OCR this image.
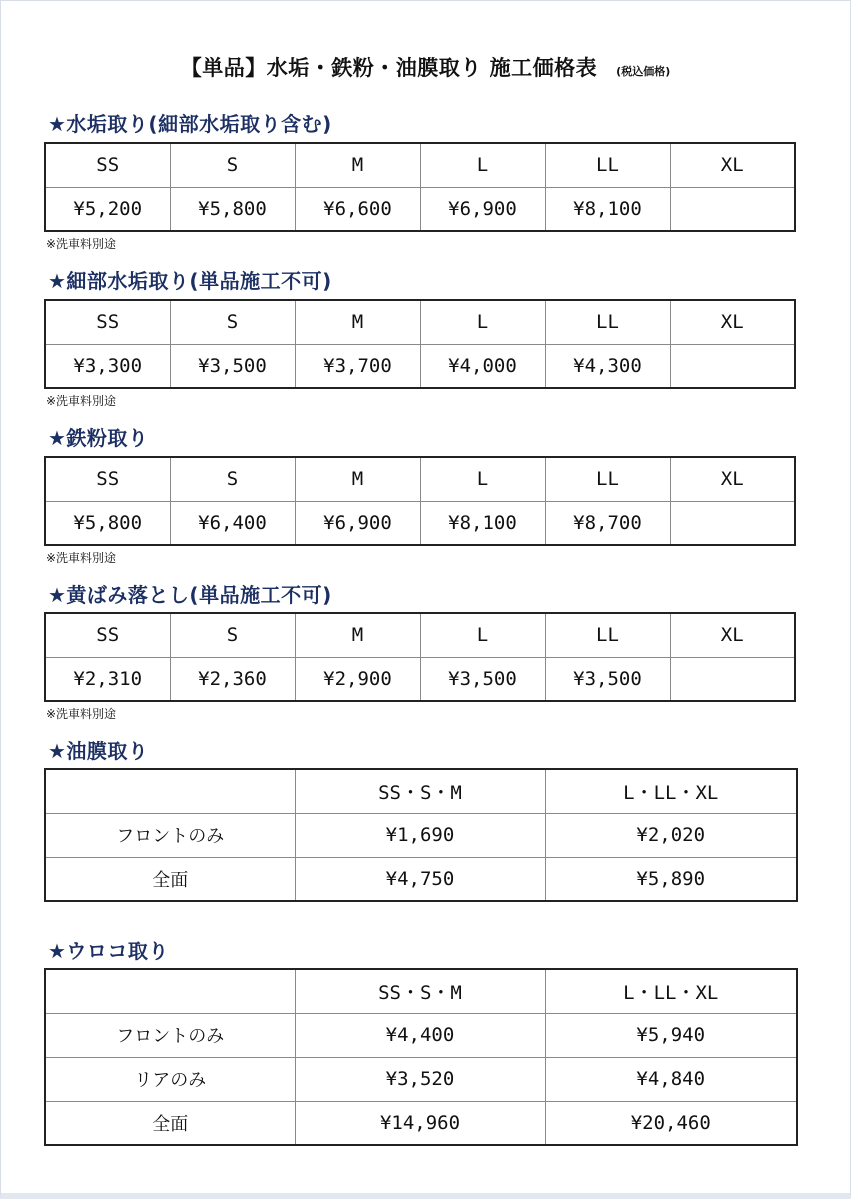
【単品】水垢・鉄粉・油膜取り 施工価格表 (税込価格)
★水垢取り(細部水垢取り含む)
SS	S	M	L	LL	XL
¥5,200	¥5,800	¥6,600	¥6,900	¥8,100	
※洗車料別途
★細部水垢取り(単品施工不可)
SS	S	M	L	LL	XL
¥3,300	¥3,500	¥3,700	¥4,000	¥4,300	
※洗車料別途
★鉄粉取り
SS	S	M	L	LL	XL
¥5,800	¥6,400	¥6,900	¥8,100	¥8,700	
※洗車料別途
★黄ばみ落とし(単品施工不可)
SS	S	M	L	LL	XL
¥2,310	¥2,360	¥2,900	¥3,500	¥3,500	
※洗車料別途
★油膜取り
	SS・S・M	L・LL・XL
フロントのみ	¥1,690	¥2,020
全面	¥4,750	¥5,890
★ウロコ取り
	SS・S・M	L・LL・XL
フロントのみ	¥4,400	¥5,940
リアのみ	¥3,520	¥4,840
全面	¥14,960	¥20,460
